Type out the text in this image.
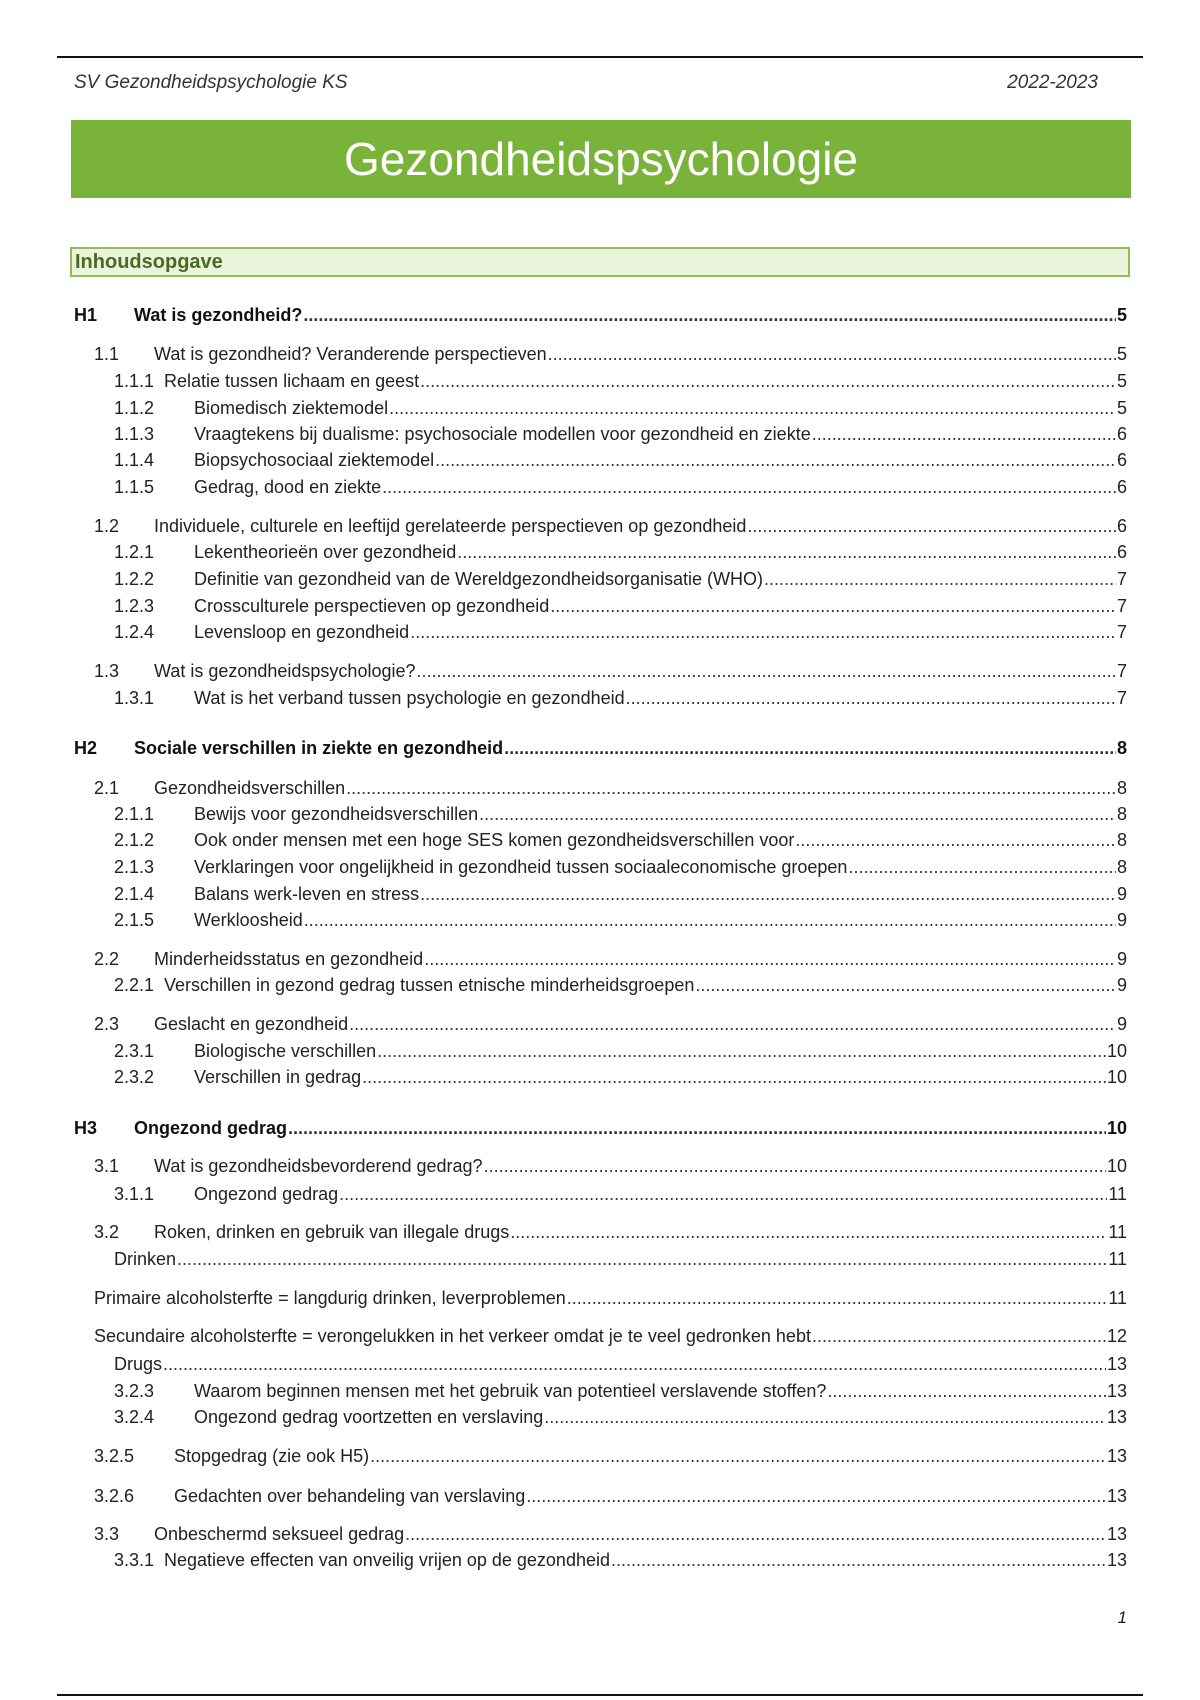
SV Gezondheidspsychologie KS	2022-2023
Gezondheidspsychologie
Inhoudsopgave
H1	Wat is gezondheid? .....	5
1.1	Wat is gezondheid? Veranderende perspectieven .....	5
1.1.1 Relatie tussen lichaam en geest .....	5
1.1.2	Biomedisch ziektemodel .....	5
1.1.3	Vraagtekens bij dualisme: psychosociale modellen voor gezondheid en ziekte .....	6
1.1.4	Biopsychosociaal ziektemodel .....	6
1.1.5	Gedrag, dood en ziekte .....	6
1.2	Individuele, culturele en leeftijd gerelateerde perspectieven op gezondheid .....	6
1.2.1	Lekentheorieën over gezondheid .....	6
1.2.2	Definitie van gezondheid van de Wereldgezondheidsorganisatie (WHO) .....	7
1.2.3	Crossculturele perspectieven op gezondheid .....	7
1.2.4	Levensloop en gezondheid .....	7
1.3	Wat is gezondheidspsychologie? .....	7
1.3.1	Wat is het verband tussen psychologie en gezondheid .....	7
H2	Sociale verschillen in ziekte en gezondheid .....	8
2.1	Gezondheidsverschillen .....	8
2.1.1	Bewijs voor gezondheidsverschillen .....	8
2.1.2	Ook onder mensen met een hoge SES komen gezondheidsverschillen voor .....	8
2.1.3	Verklaringen voor ongelijkheid in gezondheid tussen sociaaleconomische groepen .....	8
2.1.4	Balans werk-leven en stress .....	9
2.1.5	Werkloosheid .....	9
2.2	Minderheidsstatus en gezondheid .....	9
2.2.1 Verschillen in gezond gedrag tussen etnische minderheidsgroepen .....	9
2.3	Geslacht en gezondheid .....	9
2.3.1	Biologische verschillen .....	10
2.3.2	Verschillen in gedrag .....	10
H3	Ongezond gedrag .....	10
3.1	Wat is gezondheidsbevorderend gedrag? .....	10
3.1.1	Ongezond gedrag .....	11
3.2	Roken, drinken en gebruik van illegale drugs .....	11
Drinken .....	11
Primaire alcoholsterfte = langdurig drinken, leverproblemen .....	11
Secundaire alcoholsterfte = verongelukken in het verkeer omdat je te veel gedronken hebt .....	12
Drugs .....	13
3.2.3	Waarom beginnen mensen met het gebruik van potentieel verslavende stoffen? .....	13
3.2.4	Ongezond gedrag voortzetten en verslaving .....	13
3.2.5	Stopgedrag (zie ook H5) .....	13
3.2.6	Gedachten over behandeling van verslaving .....	13
3.3	Onbeschermd seksueel gedrag .....	13
3.3.1 Negatieve effecten van onveilig vrijen op de gezondheid .....	13
1
